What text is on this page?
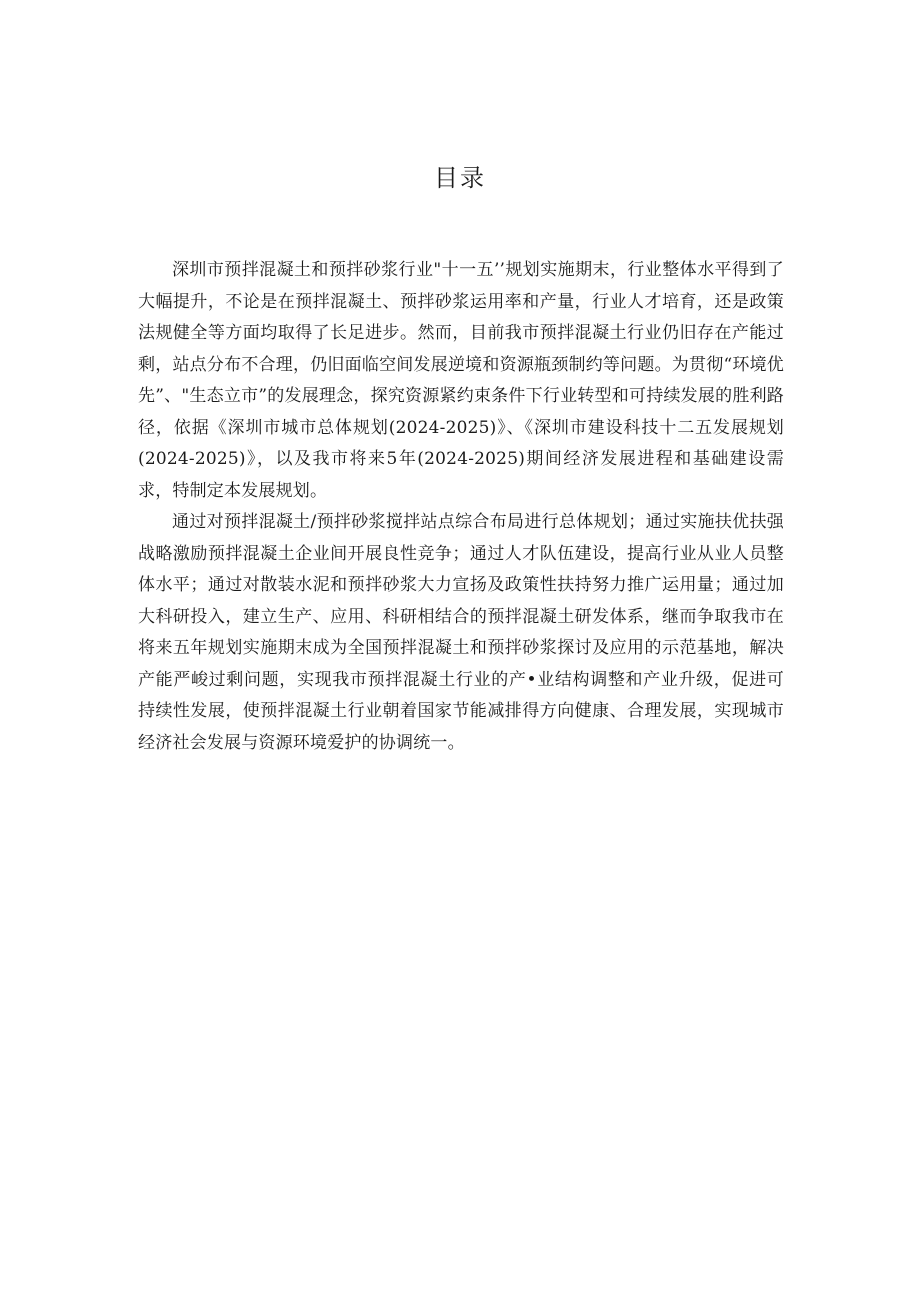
目录

深圳市预拌混凝土和预拌砂浆行业"十一五’’规划实施期末，行业整体水平得到了大幅提升，不论是在预拌混凝土、预拌砂浆运用率和产量，行业人才培育，还是政策法规健全等方面均取得了长足进步。然而，目前我市预拌混凝土行业仍旧存在产能过剩，站点分布不合理，仍旧面临空间发展逆境和资源瓶颈制约等问题。为贯彻“环境优先”、"生态立市”的发展理念，探究资源紧约束条件下行业转型和可持续发展的胜利路径，依据《深圳市城市总体规划(2024-2025)》、《深圳市建设科技十二五发展规划(2024-2025)》，以及我市将来5年(2024-2025)期间经济发展进程和基础建设需求，特制定本发展规划。

通过对预拌混凝土/预拌砂浆搅拌站点综合布局进行总体规划；通过实施扶优扶强战略激励预拌混凝土企业间开展良性竞争；通过人才队伍建设，提高行业从业人员整体水平；通过对散装水泥和预拌砂浆大力宣扬及政策性扶持努力推广运用量；通过加大科研投入，建立生产、应用、科研相结合的预拌混凝土研发体系，继而争取我市在将来五年规划实施期末成为全国预拌混凝土和预拌砂浆探讨及应用的示范基地，解决产能严峻过剩问题，实现我市预拌混凝土行业的产•业结构调整和产业升级，促进可持续性发展，使预拌混凝土行业朝着国家节能减排得方向健康、合理发展，实现城市经济社会发展与资源环境爱护的协调统一。
